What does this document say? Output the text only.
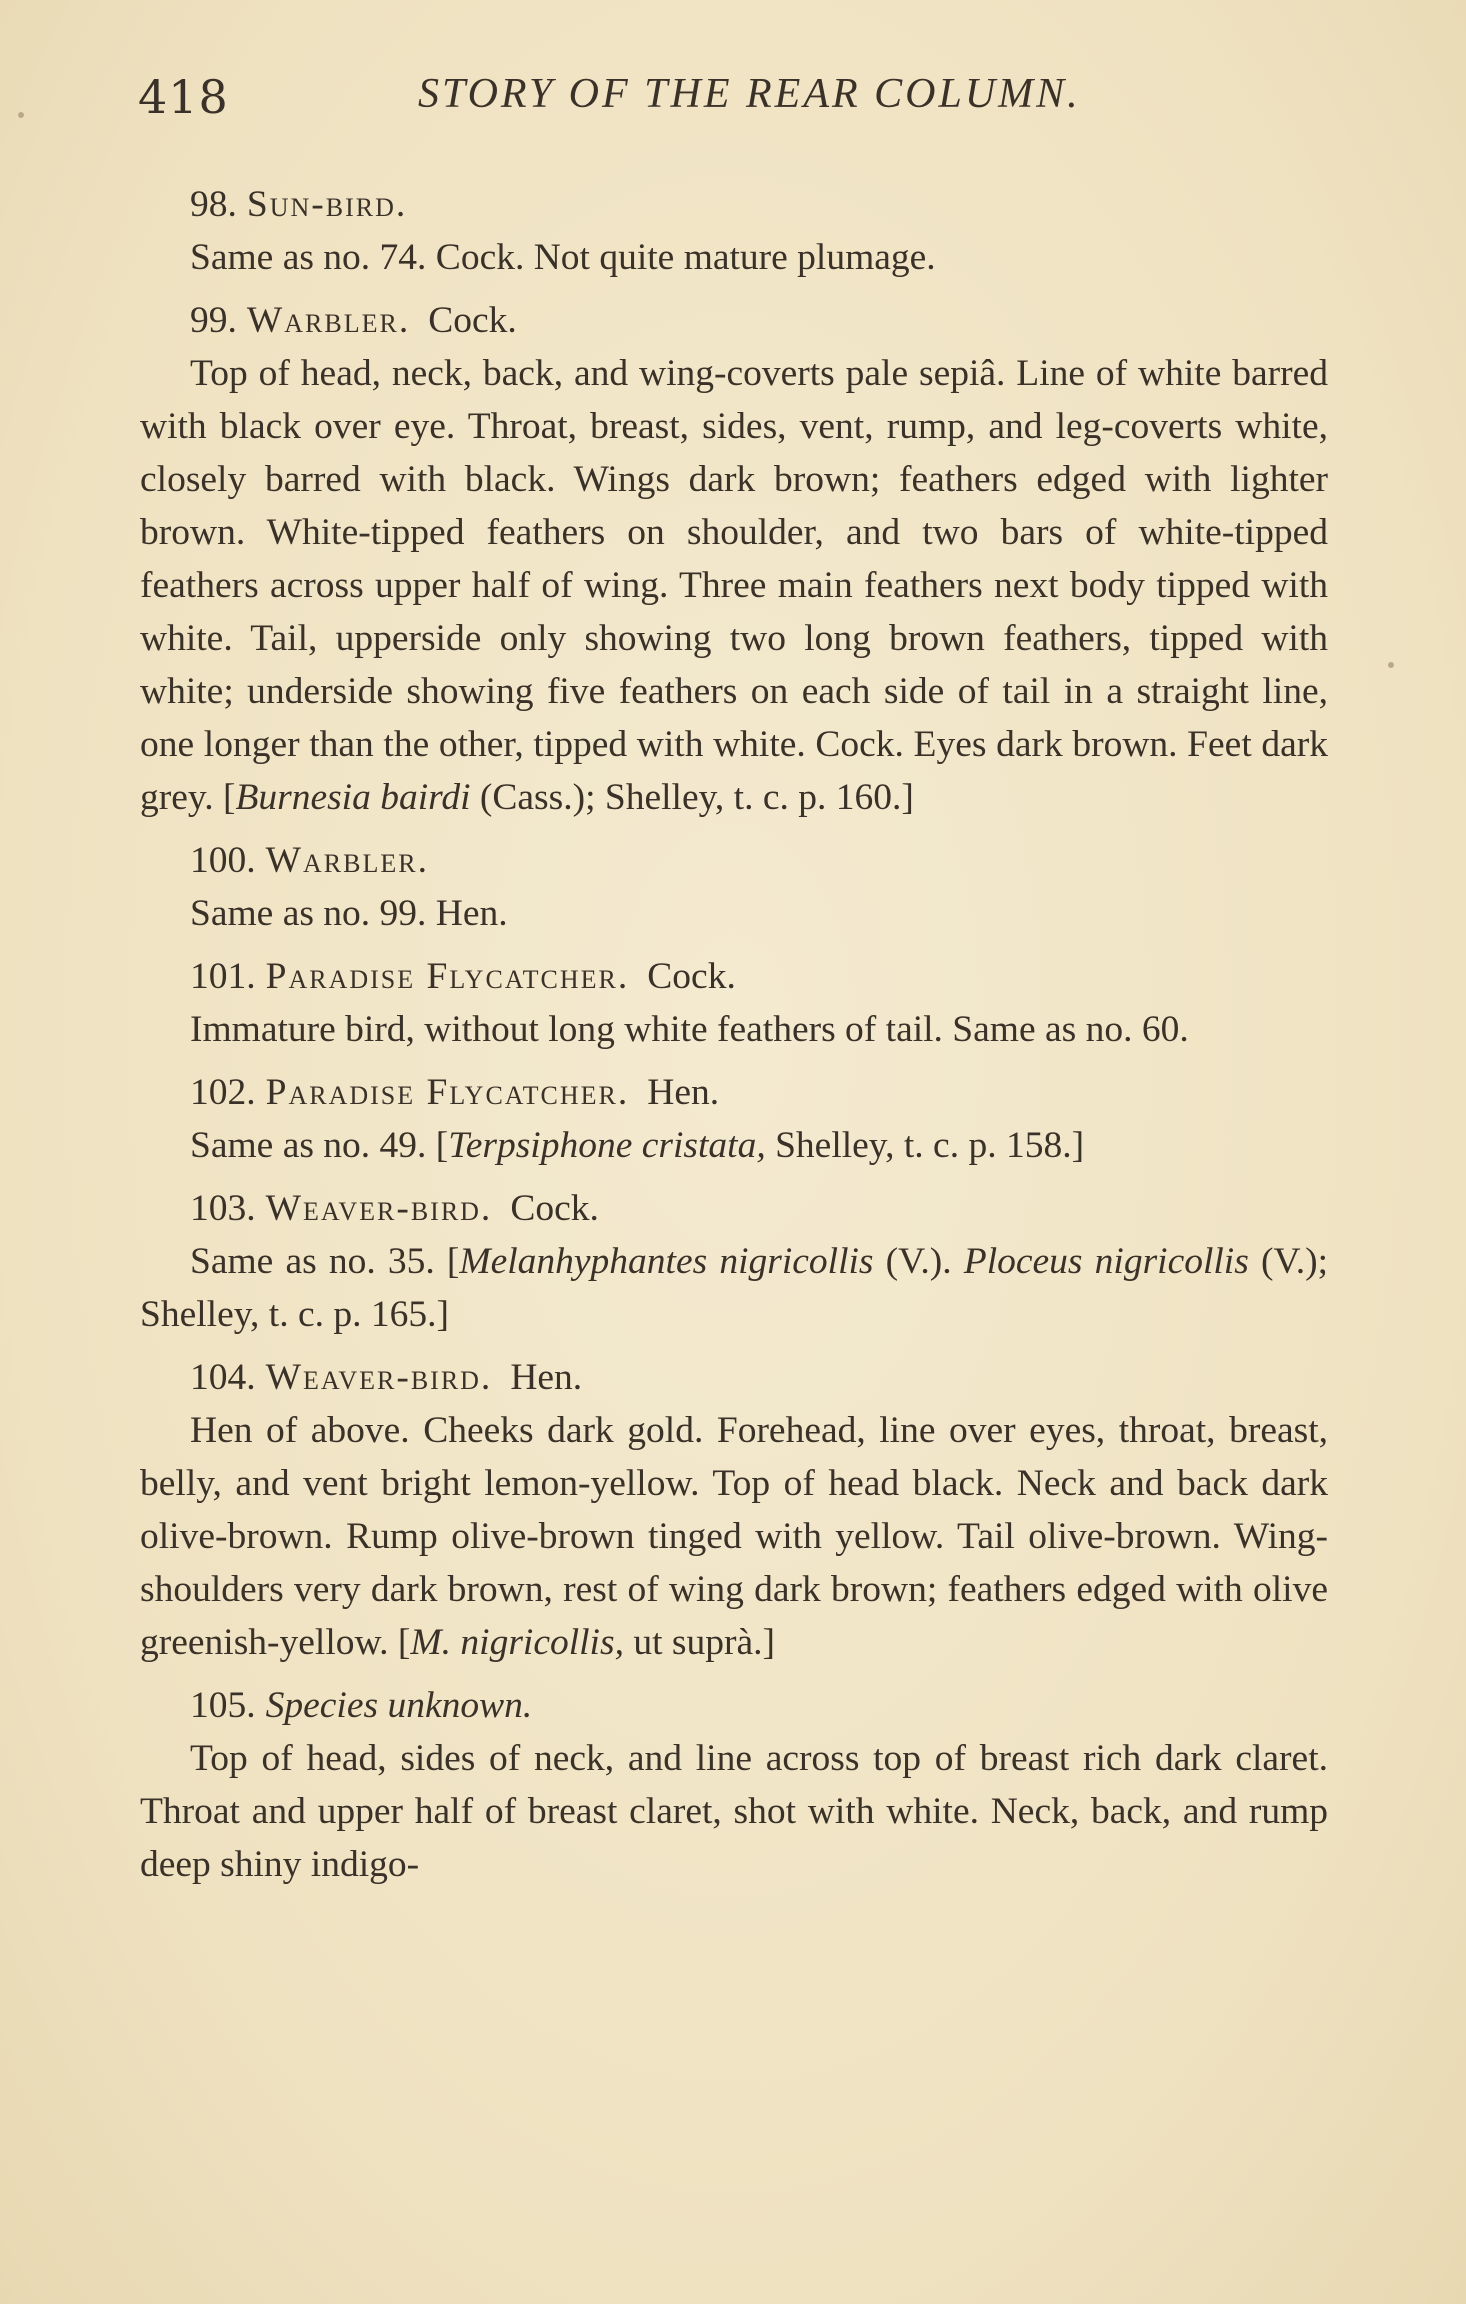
418	STORY OF THE REAR COLUMN.

98. Sun-bird.

Same as no. 74. Cock. Not quite mature plumage.

99. Warbler. Cock.

Top of head, neck, back, and wing-coverts pale sepiâ. Line of white barred with black over eye. Throat, breast, sides, vent, rump, and leg-coverts white, closely barred with black. Wings dark brown; feathers edged with lighter brown. White-tipped feathers on shoulder, and two bars of white-tipped feathers across upper half of wing. Three main feathers next body tipped with white. Tail, upperside only showing two long brown feathers, tipped with white; underside showing five feathers on each side of tail in a straight line, one longer than the other, tipped with white. Cock. Eyes dark brown. Feet dark grey. [Burnesia bairdi (Cass.); Shelley, t. c. p. 160.]

100. Warbler.

Same as no. 99. Hen.

101. Paradise Flycatcher. Cock.

Immature bird, without long white feathers of tail. Same as no. 60.

102. Paradise Flycatcher. Hen.

Same as no. 49. [Terpsiphone cristata, Shelley, t. c. p. 158.]

103. Weaver-bird. Cock.

Same as no. 35. [Melanhyphantes nigricollis (V.). Ploceus nigricollis (V.); Shelley, t. c. p. 165.]

104. Weaver-bird. Hen.

Hen of above. Cheeks dark gold. Forehead, line over eyes, throat, breast, belly, and vent bright lemon-yellow. Top of head black. Neck and back dark olive-brown. Rump olive-brown tinged with yellow. Tail olive-brown. Wing-shoulders very dark brown, rest of wing dark brown; feathers edged with olive greenish-yellow. [M. nigricollis, ut suprà.]

105. Species unknown.

Top of head, sides of neck, and line across top of breast rich dark claret. Throat and upper half of breast claret, shot with white. Neck, back, and rump deep shiny indigo-
